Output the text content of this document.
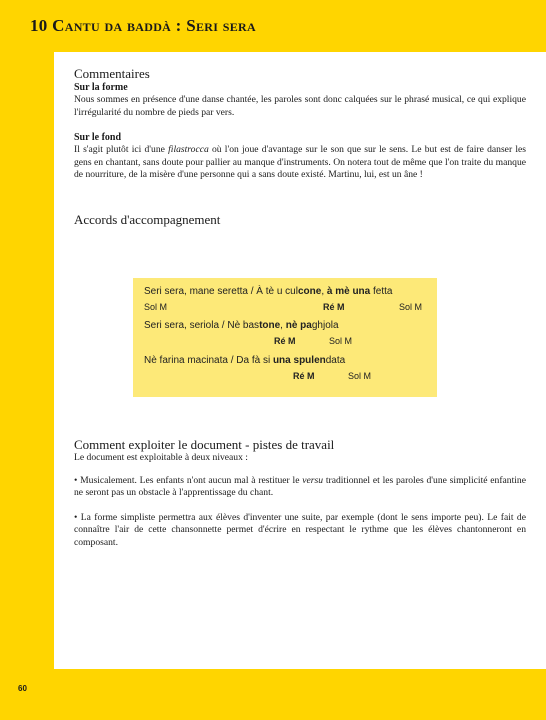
10 Cantu da baddà : Seri sera
Commentaires
Sur la forme

Nous sommes en présence d'une danse chantée, les paroles sont donc calquées sur le phrasé musical, ce qui explique l'irrégularité du nombre de pieds par vers.

Sur le fond

Il s'agit plutôt ici d'une filastrocca où l'on joue d'avantage sur le son que sur le sens. Le but est de faire danser les gens en chantant, sans doute pour pallier au manque d'instruments. On notera tout de même que l'on traite du manque de nourriture, de la misère d'une personne qui a sans doute existé. Martinu, lui, est un âne !

Accords d'accompagnement
Seri sera, mane seretta / À tè u culcone, à mè una fetta
Sol M	Ré M	Sol M
Seri sera, seriola / Nè bastone, nè paghjola
Ré M	Sol M
Nè farina macinata / Da fà si una spulendata
Ré M	Sol M
Comment exploiter le document - pistes de travail

Le document est exploitable à deux niveaux :

• Musicalement. Les enfants n'ont aucun mal à restituer le versu traditionnel et les paroles d'une simplicité enfantine ne seront pas un obstacle à l'apprentissage du chant.

• La forme simpliste permettra aux élèves d'inventer une suite, par exemple (dont le sens importe peu). Le fait de connaître l'air de cette chansonnette permet d'écrire en respectant le rythme que les élèves chantonneront en composant.

60
